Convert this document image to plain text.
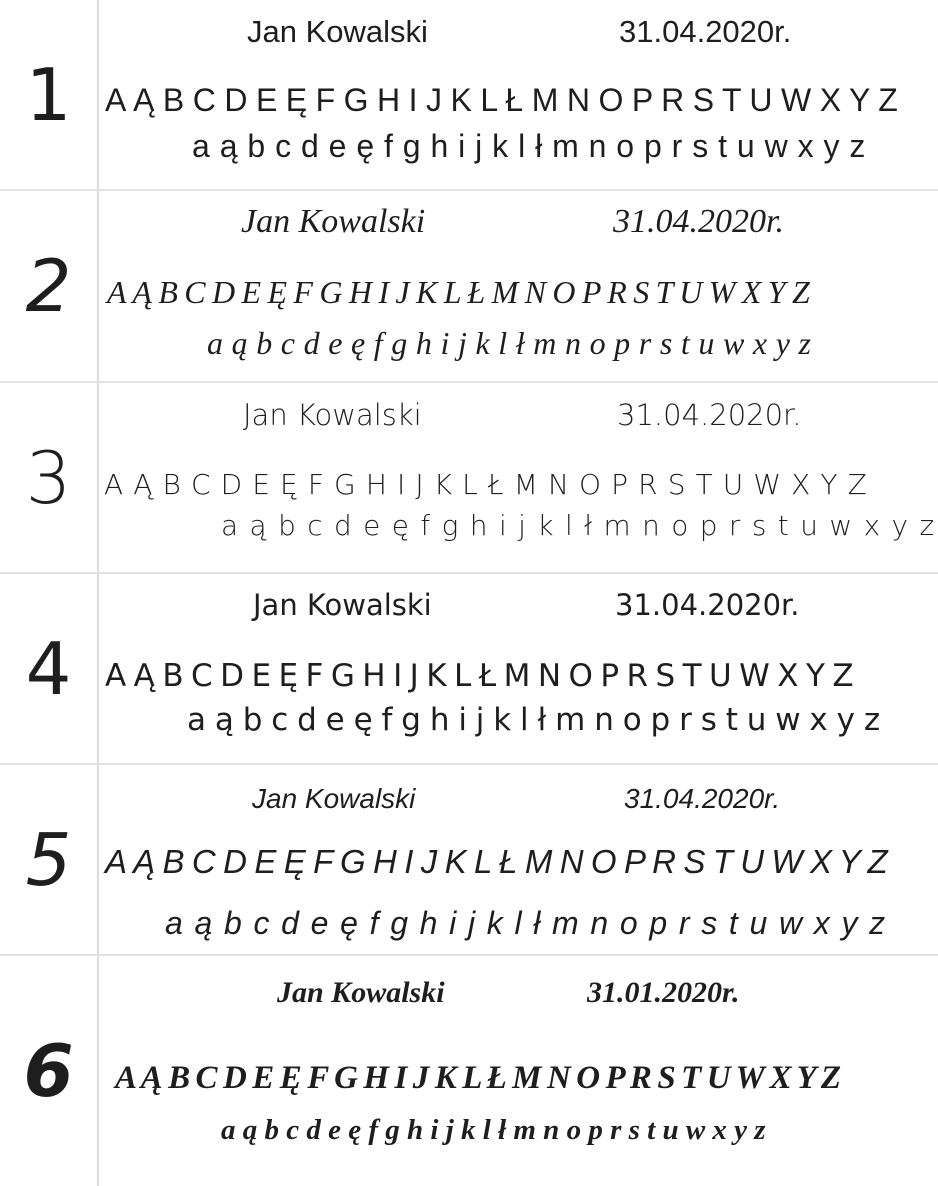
1
Jan Kowalski	31.04.2020r.
A Ą B C D E Ę F G H I J K L Ł M N O P R S T U W X Y Z
a ą b c d e ę f g h i j k l ł m n o p r s t u w x y z
2
Jan Kowalski	31.04.2020r.
A Ą B C D E Ę F G H I J K L Ł M N O P R S T U W X Y Z
a ą b c d e ę f g h i j k l ł m n o p r s t u w x y z
3
Jan Kowalski	31.04.2020r.
A Ą B C D E Ę F G H I J K L Ł M N O P R S T U W X Y Z
a ą b c d e ę f g h i j k l ł m n o p r s t u w x y z
4
Jan Kowalski	31.04.2020r.
A Ą B C D E Ę F G H I J K L Ł M N O P R S T U W X Y Z
a ą b c d e ę f g h i j k l ł m n o p r s t u w x y z
5
Jan Kowalski	31.04.2020r.
A Ą B C D E Ę F G H I J K L Ł M N O P R S T U W X Y Z
a ą b c d e ę f g h i j k l ł m n o p r s t u w x y z
6
Jan Kowalski	31.01.2020r.
A Ą B C D E Ę F G H I J K L Ł M N O P R S T U W X Y Z
a ą b c d e ę f g h i j k l ł m n o p r s t u w x y z
